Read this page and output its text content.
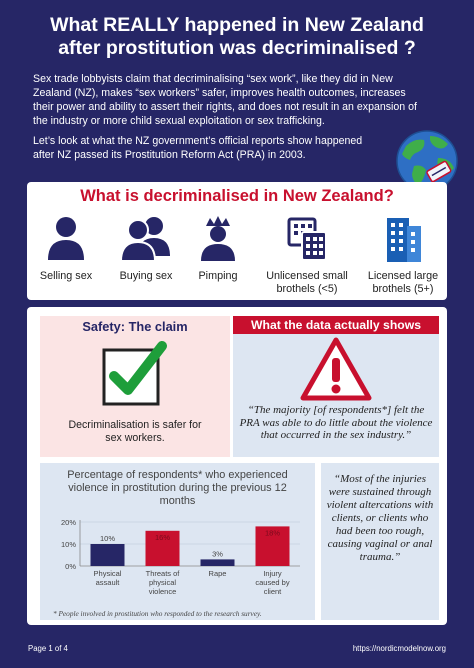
What REALLY happened in New Zealand
after prostitution was decriminalised ?

Sex trade lobbyists claim that decriminalising “sex work”, like they did in New Zealand (NZ), makes “sex workers” safer, improves health outcomes, increases their power and ability to assert their rights, and does not result in an expansion of the industry or more child sexual exploitation or sex trafficking.

Let’s look at what the NZ government’s official reports show happened after NZ passed its Prostitution Reform Act (PRA) in 2003.

What is decriminalised in New Zealand?
Selling sex	Buying sex	Pimping	Unlicensed small
brothels (<5)
Licensed large
brothels (5+)
Safety: The claim
Decriminalisation is safer for
sex workers.
What the data actually shows
“The majority [of respondents*] felt the PRA was able to do little about the violence that occurred in the sex industry.”
Percentage of respondents* who experienced violence in prostitution during the previous 12 months
0%
10%
20%
10%
Physical
assault
16%
Threats of
physical
violence
3%
Rape
18%
Injury
caused by
client
* People involved in prostitution who responded to the research survey.
“Most of the injuries were sustained through violent altercations with clients, or clients who had been too rough, causing vaginal or anal trauma.”
Page 1 of 4	https://nordicmodelnow.org
